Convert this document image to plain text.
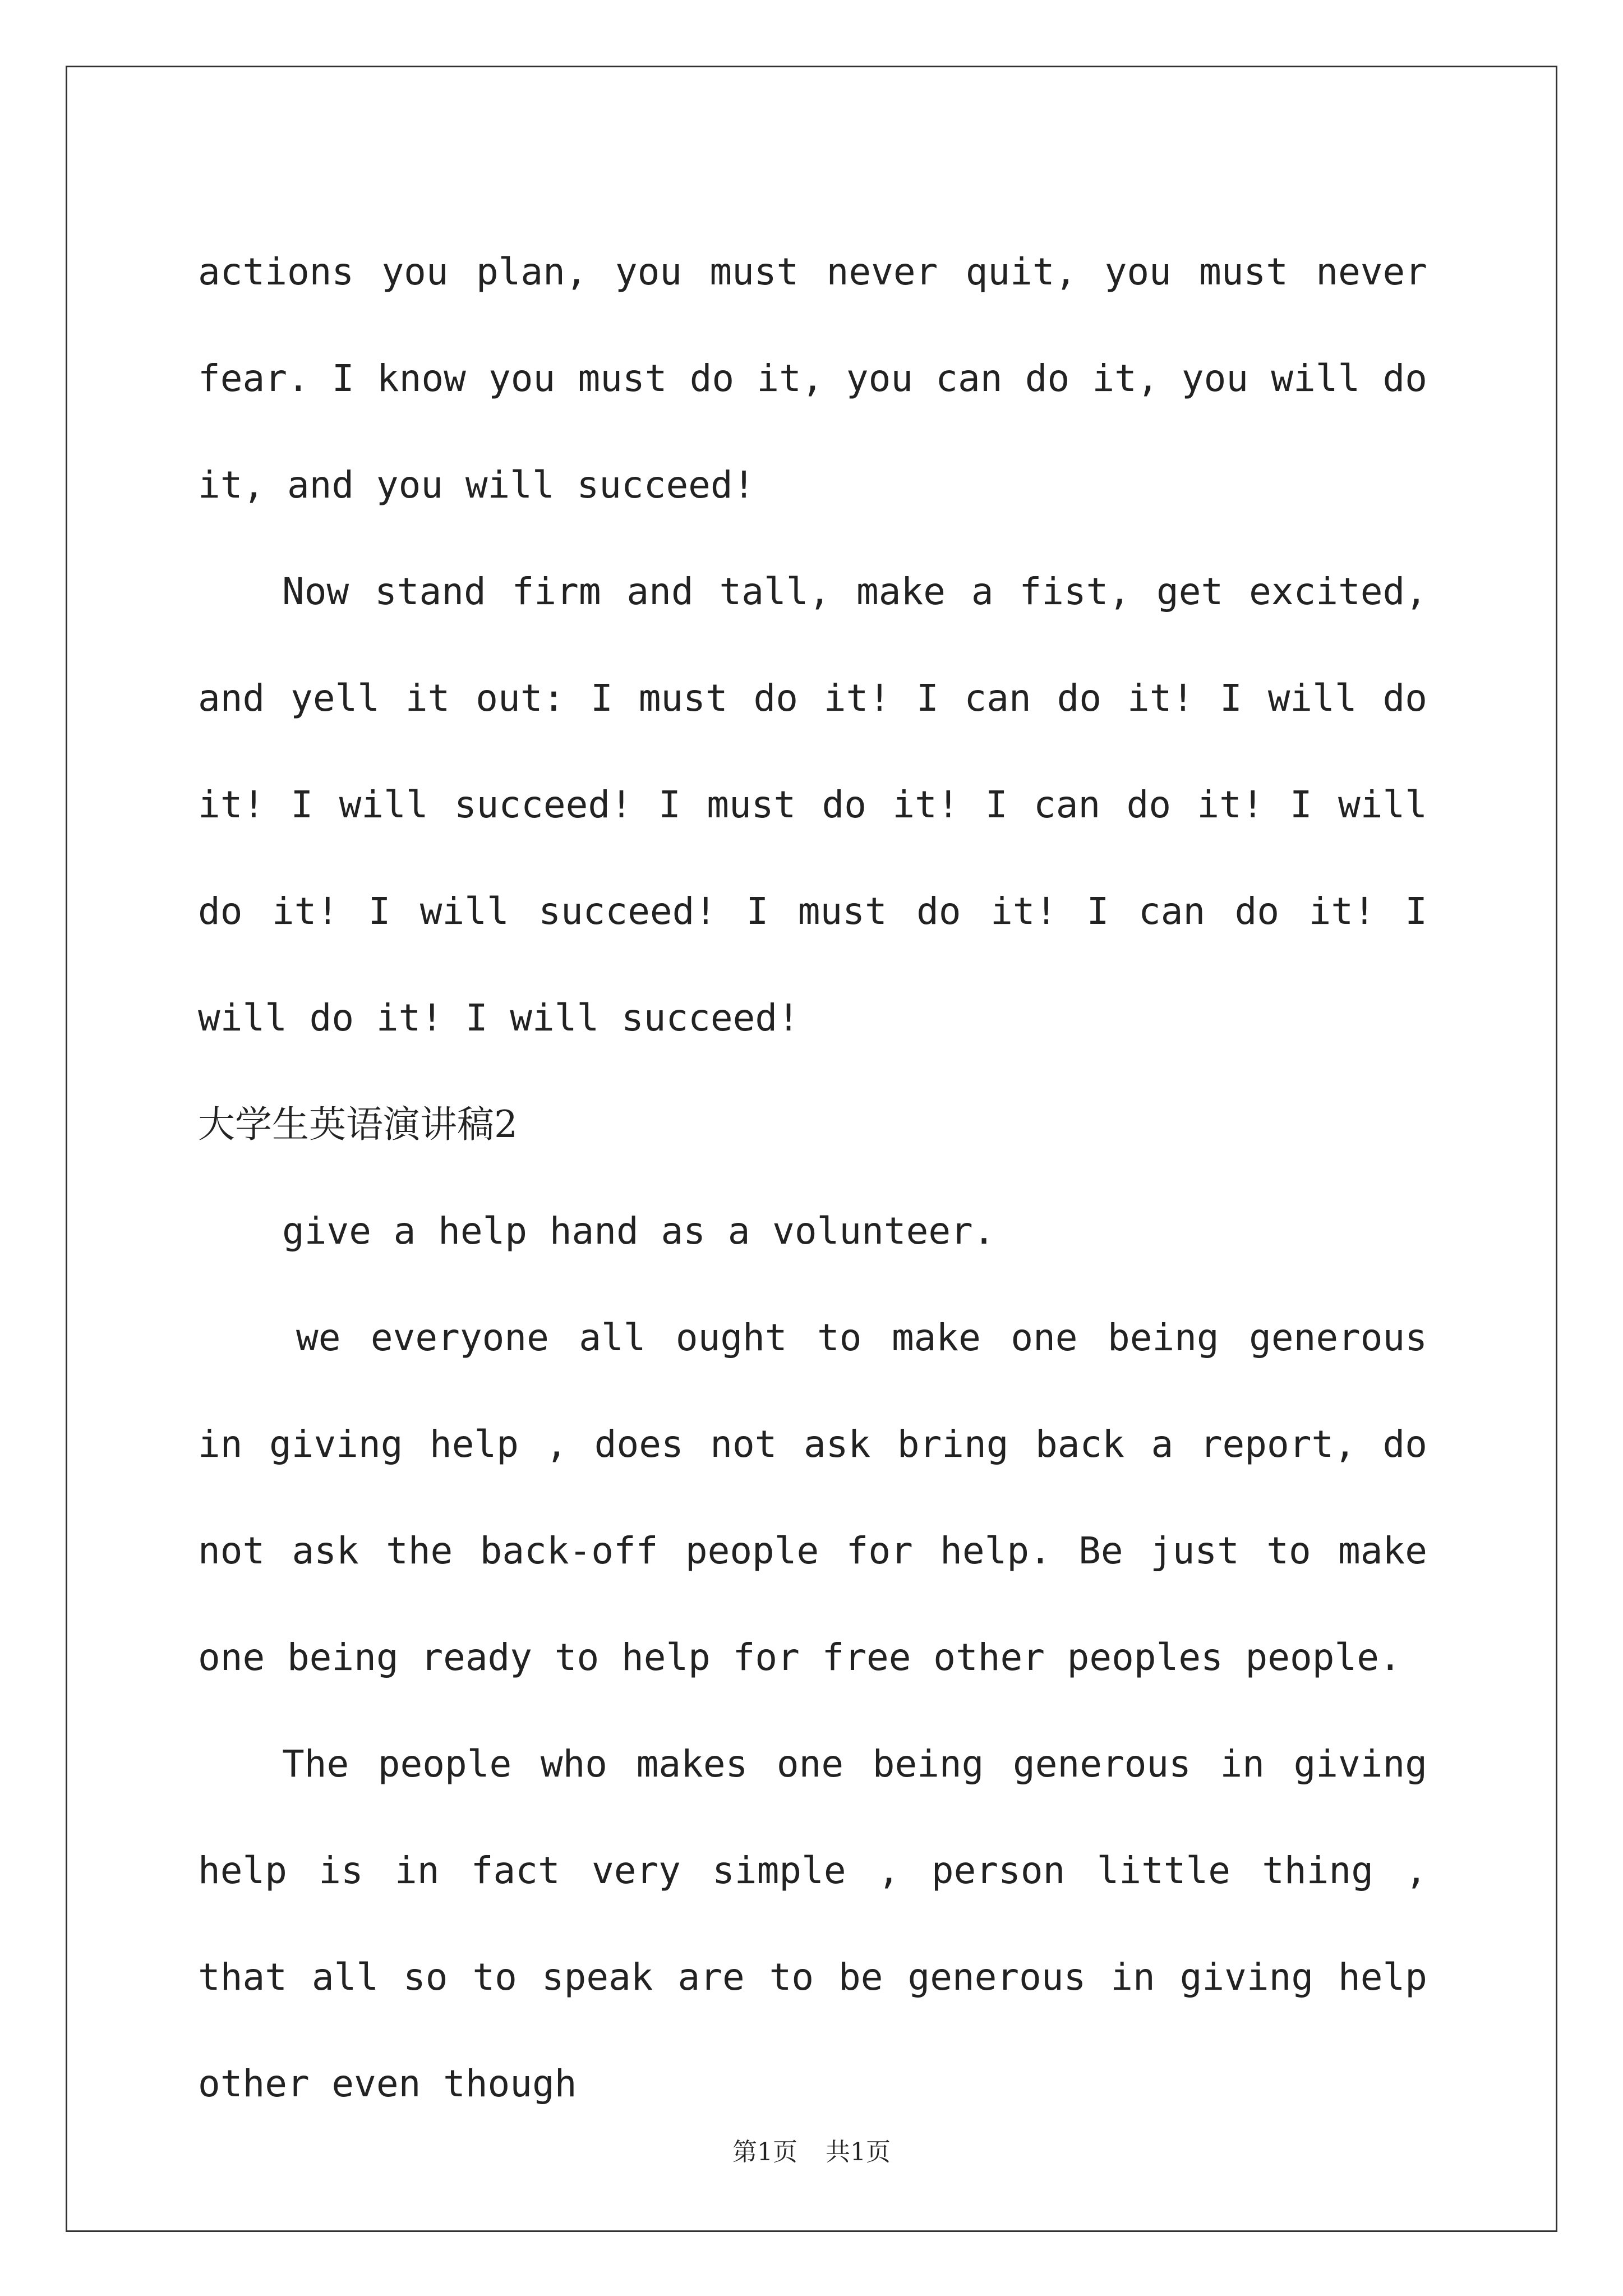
actions you plan, you must never quit, you must never fear. I know you must do it, you can do it, you will do it, and you will succeed!

Now stand firm and tall, make a fist, get excited, and yell it out: I must do it! I can do it! I will do it! I will succeed! I must do it! I can do it! I will do it! I will succeed! I must do it! I can do it! I will do it! I will succeed!

大学生英语演讲稿2

give a help hand as a volunteer.

we everyone all ought to make one being generous in giving help , does not ask bring back a report, do not ask the back-off people for help. Be just to make one being ready to help for free other peoples people.

The people who makes one being generous in giving help is in fact very simple , person little thing , that all so to speak are to be generous in giving help other even though

第1页 共1页
